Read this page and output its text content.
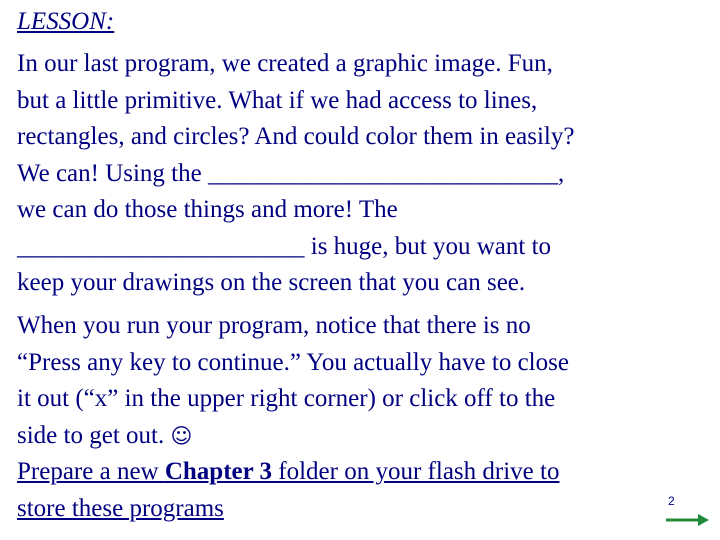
LESSON:

In our last program, we created a graphic image. Fun,
but a little primitive. What if we had access to lines,
rectangles, and circles? And could color them in easily?
We can! Using the ____________________________,
we can do those things and more! The
_______________________ is huge, but you want to
keep your drawings on the screen that you can see.

When you run your program, notice that there is no
“Press any key to continue.” You actually have to close
it out (“x” in the upper right corner) or click off to the
side to get out. ☺
Prepare a new Chapter 3 folder on your flash drive to
store these programs	2
